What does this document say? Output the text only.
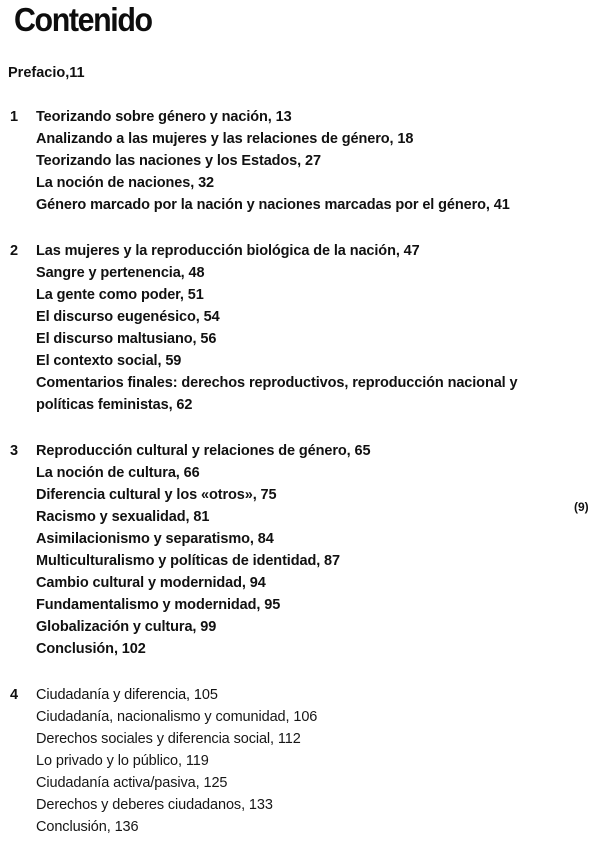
Contenido
Prefacio,11
1	Teorizando sobre género y nación, 13
Analizando a las mujeres y las relaciones de género, 18
Teorizando las naciones y los Estados, 27
La noción de naciones, 32
Género marcado por la nación y naciones marcadas por el género, 41
2	Las mujeres y la reproducción biológica de la nación, 47
Sangre y pertenencia, 48
La gente como poder, 51
El discurso eugenésico, 54
El discurso maltusiano, 56
El contexto social, 59
Comentarios finales: derechos reproductivos, reproducción nacional y
políticas feministas, 62
3	Reproducción cultural y relaciones de género, 65
La noción de cultura, 66
Diferencia cultural y los «otros», 75
Racismo y sexualidad, 81
Asimilacionismo y separatismo, 84
Multiculturalismo y políticas de identidad, 87
Cambio cultural y modernidad, 94
Fundamentalismo y modernidad, 95
Globalización y cultura, 99
Conclusión, 102
4	Ciudadanía y diferencia, 105
Ciudadanía, nacionalismo y comunidad, 106
Derechos sociales y diferencia social, 112
Lo privado y lo público, 119
Ciudadanía activa/pasiva, 125
Derechos y deberes ciudadanos, 133
Conclusión, 136
(9)
